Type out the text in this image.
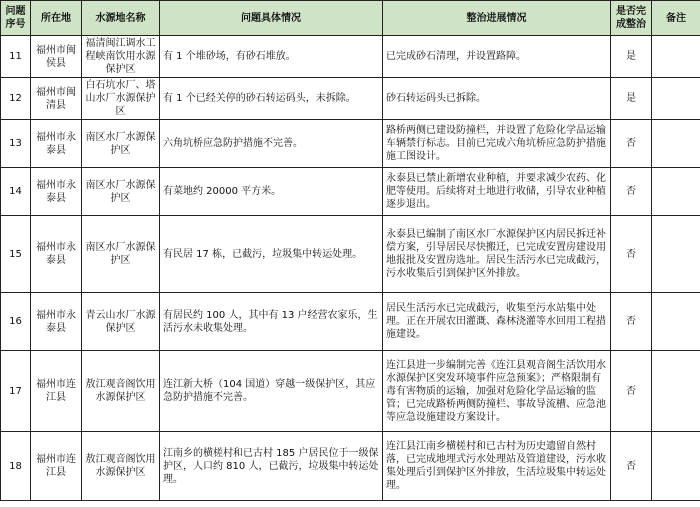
问题序号	所在地	水源地名称	问题具体情况	整治进展情况	是否完成整治	备注
11	福州市闽侯县	福清闽江调水工程峡南饮用水源保护区	有 1 个堆砂场，有砂石堆放。	已完成砂石清理，并设置路障。	是	
12	福州市闽清县	白石坑水厂、塔山水厂水源保护区	有 1 个已经关停的砂石转运码头，未拆除。	砂石转运码头已拆除。	是	
13	福州市永泰县	南区水厂水源保护区	六角坑桥应急防护措施不完善。	路桥两侧已建设防撞栏，并设置了危险化学品运输车辆禁行标志。目前已完成六角坑桥应急防护措施施工图设计。	否	
14	福州市永泰县	南区水厂水源保护区	有菜地约 20000 平方米。	永泰县已禁止新增农业种植，并要求减少农药、化肥等使用。后续将对土地进行收储，引导农业种植逐步退出。	否	
15	福州市永泰县	南区水厂水源保护区	有民居 17 栋，已截污，垃圾集中转运处理。	永泰县已编制了南区水厂水源保护区内居民拆迁补偿方案，引导居民尽快搬迁，已完成安置房建设用地报批及安置房选址。居民生活污水已完成截污，污水收集后引到保护区外排放。	否	
16	福州市永泰县	青云山水厂水源保护区	有居民约 100 人，其中有 13 户经营农家乐，生活污水未收集处理。	居民生活污水已完成截污，收集至污水站集中处理。正在开展农田灌溉、森林浇灌等水回用工程措施建设。	否	
17	福州市连江县	敖江观音阁饮用水源保护区	连江新大桥（104 国道）穿越一级保护区，其应急防护措施不完善。	连江县进一步编制完善《连江县观音阁生活饮用水水源保护区突发环境事件应急预案》；严格限制有毒有害物质的运输，加强对危险化学品运输的监管；已完成路桥两侧防撞栏、事故导流槽、应急池等应急设施建设方案设计。	否	
18	福州市连江县	敖江观音阁饮用水源保护区	江南乡的横槎村和已古村 185 户居民位于一级保护区，人口约 810 人，已截污，垃圾集中转运处理。	连江县江南乡横槎村和已古村为历史遗留自然村落，已完成地埋式污水处理站及管道建设，污水收集处理后引到保护区外排放，生活垃圾集中转运处理。	否	
